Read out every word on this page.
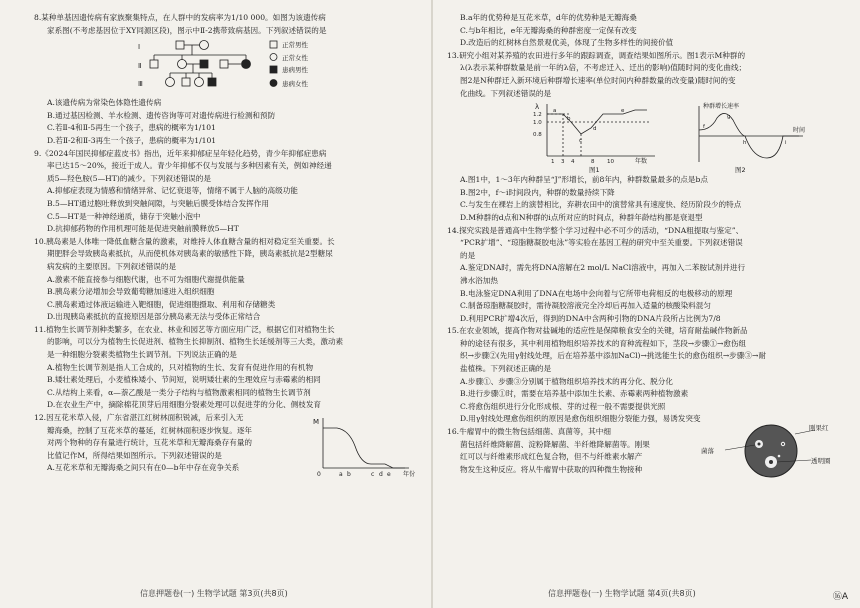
8.某种单基因遗传病有家族聚集特点，在人群中的发病率为1/10 000。如图为该遗传病
家系图(不考虑基因位于XY同源区段)，图示中Ⅱ-2携带致病基因。下列叙述错误的是
Ⅰ
Ⅱ
Ⅲ
正常男性
正常女性
患病男性
患病女性
A.该遗传病为常染色体隐性遗传病
B.通过基因检测、羊水检测、遗传咨询等可对遗传病进行检测和预防
C.若Ⅱ-4和Ⅱ-5再生一个孩子，患病的概率为1/101
D.若Ⅱ-2和Ⅱ-3再生一个孩子，患病的概率为1/101
9.《2024年国民抑郁症蓝皮书》指出，近年来抑郁症呈年轻化趋势，青少年抑郁症患病
率已达15～20%，接近于成人。青少年抑郁不仅与发展与多种因素有关，例如神经递
质5—羟色胺(5—HT)的减少。下列叙述错误的是
A.抑郁症表现为情感和情绪异常、记忆衰退等，情绪不属于人脑的高级功能
B.5—HT通过胞吐释放到突触间隙，与突触后膜受体结合发挥作用
C.5—HT是一种神经递质，储存于突触小泡中
D.抗抑郁药物的作用机理可能是促进突触前膜释放5—HT
10.胰岛素是人体唯一降低血糖含量的激素，对维持人体血糖含量的相对稳定至关重要。长
期肥胖会导致胰岛素抵抗，从而使机体对胰岛素的敏感性下降，胰岛素抵抗是2型糖尿
病发病的主要原因。下列叙述错误的是
A.激素不能直接参与细胞代谢，也不可为细胞代谢提供能量
B.胰岛素分泌增加会导致葡萄糖加速进入组织细胞
C.胰岛素通过体液运输进入靶细胞，促进细胞摄取、利用和存储糖类
D.出现胰岛素抵抗的直接原因是部分胰岛素无法与受体正常结合
11.植物生长调节剂种类繁多，在农业、林业和园艺等方面应用广泛，根据它们对植物生长
的影响，可以分为植物生长促进剂、植物生长抑制剂、植物生长延缓剂等三大类，激动素
是一种细胞分裂素类植物生长调节剂。下列说法正确的是
A.植物生长调节剂是指人工合成的，只对植物的生长、发育有促进作用的有机物
B.矮壮素处理后，小麦植株矮小、节间短，说明矮壮素的生理效应与赤霉素的相同
C.从结构上来看，α—萘乙酸是一类分子结构与植物激素相同的植物生长调节剂
D.在农业生产中，摘除棉花顶芽后用细胞分裂素处理可以促进芽的分化、侧枝发育
12.因互花米草入侵，广东省湛江红树林面积锐减，后来引入无
瓣海桑，控制了互花米草的蔓延，红树林面积逐步恢复。逐年
对两个物种的存有量进行统计，互花米草和无瓣海桑存有量的
比值记作M，所得结果如图所示。下列叙述错误的是
A.互花米草和无瓣海桑之间只有在0—b年中存在竞争关系
M
0	a b	c d e 年份
信息押题卷(一) 生物学试题 第3页(共8页)
B.a年的优势种是互花米草，d年的优势种是无瓣海桑
C.与b年相比，e年无瓣海桑的种群密度一定保有改变
D.改造后的红树林自然景观优美，体现了生物多样性的间接价值
13.研究小组对某养殖的农田进行多年的跟踪调查，调查结果如图所示。图1表示M种群的
λ(λ表示某种群数量是前一年的λ倍，不考虑迁入、迁出的影响)值随时间的变化曲线；
图2是N种群迁入新环境后种群增长速率(单位时间内种群数量的改变量)随时间的变
化曲线。下列叙述错误的是
λ
1.2
1.0
0.8
1 3 4	8 10
a
b
c
d
e
年数
图1
种群增长速率
f
g
h	i
时间
图2
A.图1中，1～3年内种群呈“J”形增长，前8年内，种群数量最多的点是b点
B.图2中，f～i时间段内，种群的数量持续下降
C.与发生在裸岩上的演替相比，弃耕农田中的演替常具有速度快、经历阶段少的特点
D.M种群的d点和N种群的i点所对应的时间点，种群年龄结构都是衰退型
14.探究实践是普通高中生物学整个学习过程中必不可少的活动，“DNA粗提取与鉴定”、
“PCR扩增”、“琼脂糖凝胶电泳”等实验在基因工程的研究中至关重要。下列叙述错误
的是
A.鉴定DNA时，需先将DNA溶解在2 mol/L NaCl溶液中，再加入二苯胺试剂并进行
沸水浴加热
B.电泳鉴定DNA利用了DNA在电场中会向着与它所带电荷相反的电极移动的原理
C.制备琼脂糖凝胶时，需待凝胶溶液完全冷却后再加入适量的核酸染料混匀
D.利用PCR扩增4次后，得到的DNA中含两种引物的DNA片段所占比例为7/8
15.在农业领域，提高作物对盐碱地的适应性是保障粮食安全的关键，培育耐盐碱作物新品
种的途径有很多，其中利用植物组织培养技术的育种流程如下，茎段→步骤①→愈伤组
织→步骤②(先用γ射线处理，后在培养基中添加NaCl)→挑选能生长的愈伤组织→步骤③→耐
盐植株。下列叙述正确的是
A.步骤①、步骤③分别属于植物组织培养技术的再分化、脱分化
B.进行步骤①时，需要在培养基中添加生长素、赤霉素两种植物激素
C.将愈伤组织进行分化形成根、芽的过程一般不需要提供光照
D.用γ射线处理愈伤组织的原因是愈伤组织细胞分裂能力强，易诱发突变
16.牛瘤胃中的微生物包括细菌、真菌等，其中细
菌包括纤维降解菌、淀粉降解菌、半纤维降解菌等。刚果
红可以与纤维素形成红色复合物，但不与纤维素水解产
物发生这种反应。将从牛瘤胃中获取的四种微生物接种
菌落
刚果红
透明圈
信息押题卷(一) 生物学试题 第4页(共8页)	⑯A
